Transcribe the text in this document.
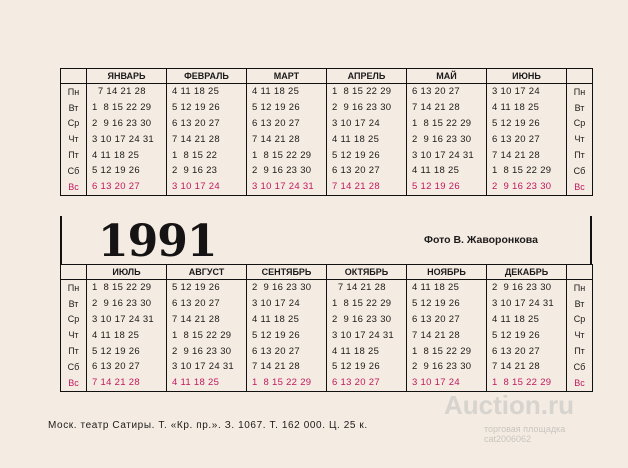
	ЯНВАРЬ	ФЕВРАЛЬ	МАРТ	АПРЕЛЬ	МАЙ	ИЮНЬ	
Пн	7 14 21 28	4 11 18 25	4 11 18 25	1  8 15 22 29	6 13 20 27	3 10 17 24	Пн
Вт	1  8 15 22 29	5 12 19 26	5 12 19 26	2  9 16 23 30	7 14 21 28	4 11 18 25	Вт
Ср	2  9 16 23 30	6 13 20 27	6 13 20 27	3 10 17 24	1  8 15 22 29	5 12 19 26	Ср
Чт	3 10 17 24 31	7 14 21 28	7 14 21 28	4 11 18 25	2  9 16 23 30	6 13 20 27	Чт
Пт	4 11 18 25	1  8 15 22	1  8 15 22 29	5 12 19 26	3 10 17 24 31	7 14 21 28	Пт
Сб	5 12 19 26	2  9 16 23	2  9 16 23 30	6 13 20 27	4 11 18 25	1  8 15 22 29	Сб
Вс	6 13 20 27	3 10 17 24	3 10 17 24 31	7 14 21 28	5 12 19 26	2  9 16 23 30	Вс
1991	Фото В. Жаворонкова
	ИЮЛЬ	АВГУСТ	СЕНТЯБРЬ	ОКТЯБРЬ	НОЯБРЬ	ДЕКАБРЬ	
Пн	1  8 15 22 29	5 12 19 26	2  9 16 23 30	7 14 21 28	4 11 18 25	2  9 16 23 30	Пн
Вт	2  9 16 23 30	6 13 20 27	3 10 17 24	1  8 15 22 29	5 12 19 26	3 10 17 24 31	Вт
Ср	3 10 17 24 31	7 14 21 28	4 11 18 25	2  9 16 23 30	6 13 20 27	4 11 18 25	Ср
Чт	4 11 18 25	1  8 15 22 29	5 12 19 26	3 10 17 24 31	7 14 21 28	5 12 19 26	Чт
Пт	5 12 19 26	2  9 16 23 30	6 13 20 27	4 11 18 25	1  8 15 22 29	6 13 20 27	Пт
Сб	6 13 20 27	3 10 17 24 31	7 14 21 28	5 12 19 26	2  9 16 23 30	7 14 21 28	Сб
Вс	7 14 21 28	4 11 18 25	1  8 15 22 29	6 13 20 27	3 10 17 24	1  8 15 22 29	Вс
Моск. театр Сатиры. Т. «Кр. пр.». З. 1067. Т. 162 000. Ц. 25 к.
Auction.ru
торговая площадка
cat2006062
